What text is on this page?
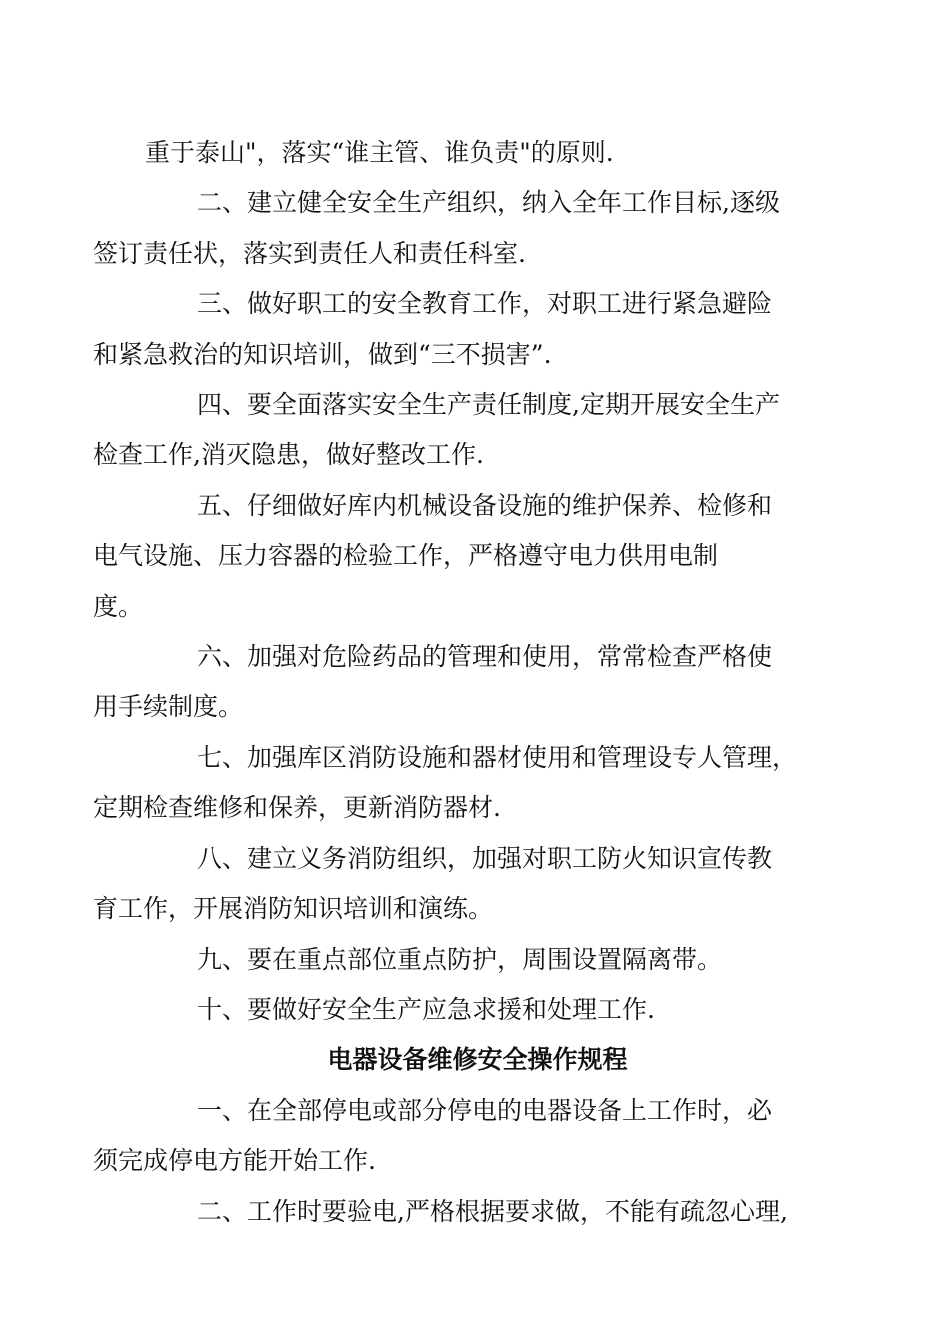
重于泰山"，落实“谁主管、谁负责"的原则.

二、建立健全安全生产组织，纳入全年工作目标,逐级
签订责任状，落实到责任人和责任科室.

三、做好职工的安全教育工作，对职工进行紧急避险
和紧急救治的知识培训，做到“三不损害”.

四、要全面落实安全生产责任制度,定期开展安全生产
检查工作,消灭隐患，做好整改工作.

五、仔细做好库内机械设备设施的维护保养、检修和
电气设施、压力容器的检验工作，严格遵守电力供用电制
度。

六、加强对危险药品的管理和使用，常常检查严格使
用手续制度。

七、加强库区消防设施和器材使用和管理设专人管理，
定期检查维修和保养，更新消防器材.

八、建立义务消防组织，加强对职工防火知识宣传教
育工作，开展消防知识培训和演练。

九、要在重点部位重点防护，周围设置隔离带。

十、要做好安全生产应急求援和处理工作.

电器设备维修安全操作规程

一、在全部停电或部分停电的电器设备上工作时，必
须完成停电方能开始工作.

二、工作时要验电,严格根据要求做，不能有疏忽心理,
